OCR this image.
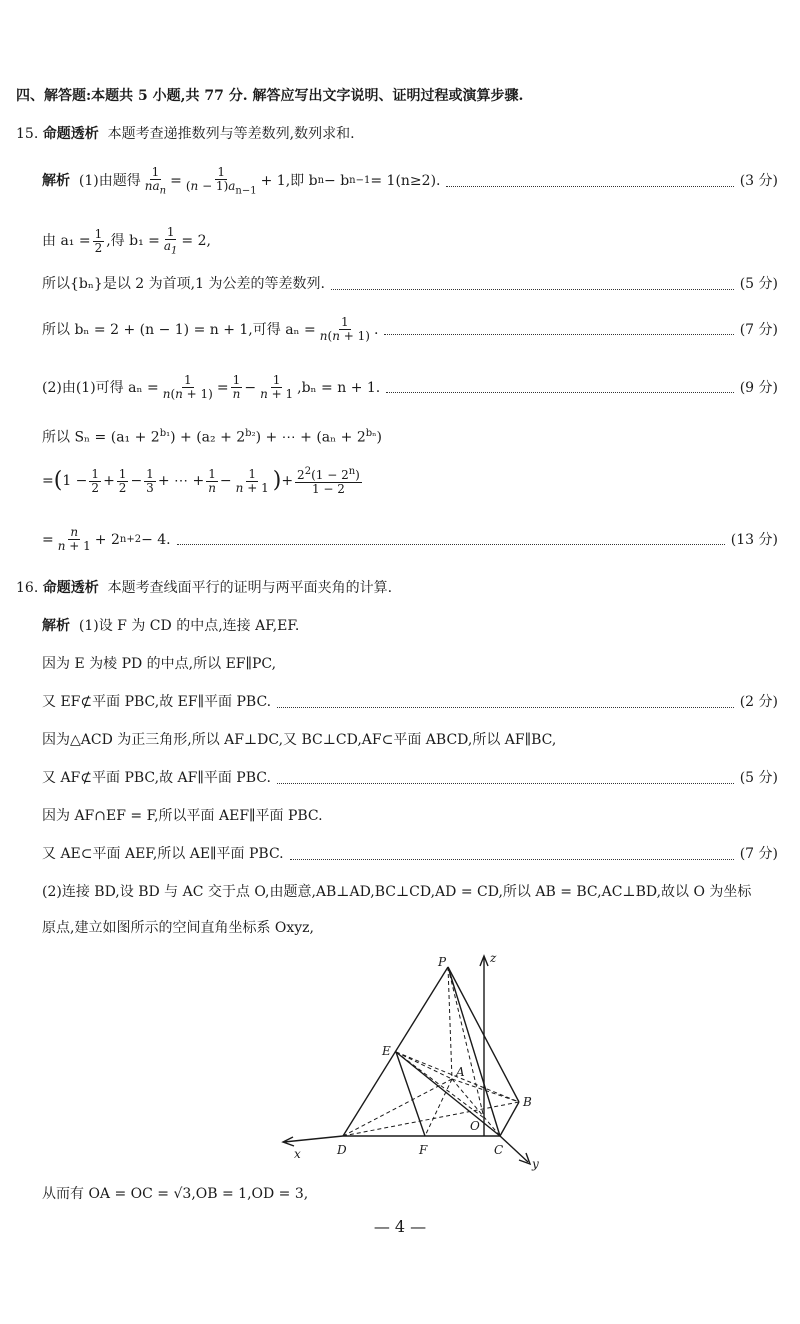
四、解答题:本题共 5 小题,共 77 分. 解答应写出文字说明、证明过程或演算步骤.
15. 命题透析 本题考查递推数列与等差数列,数列求和.
解析
(1)由题得 $\frac{1}{na_n} = \frac{1}{(n - 1)a_{n-1}} + 1$ ,即 b n − b n−1 = 1(n≥2).	(3 分)
由 $a_1 = \frac{1}{2}$ ,得 $b_1 = \frac{1}{a_1} = 2$,
所以{bₙ}是以 2 为首项,1 为公差的等差数列.	(5 分)
所以 bₙ = 2 + (n − 1) = n + 1,可得 $a_n = \frac{1}{n(n + 1)}$ .	(7 分)
(2)由(1)可得 $a_n = \frac{1}{n(n + 1)} = \frac{1}{n} - \frac{1}{n + 1} ,b_n = n + 1$.	(9 分)
所以 $S_n = (a_1 + 2^{b_1}) + (a_2 + 2^{b_2})$ + ⋯ + $(a_n + 2^{b_n})$
= ( $1 - \frac{1}{2} + \frac{1}{2} - \frac{1}{3}$ + ⋯ + $\frac{1}{n} - \frac{1}{n + 1}$ ) + $\frac{2^2(1 - 2^n)}{1 - 2}$
= $\frac{n}{n + 1} + 2$ n+2 − 4.	(13 分)
16. 命题透析 本题考查线面平行的证明与两平面夹角的计算.
解析 (1)设 F 为 CD 的中点,连接 AF,EF.
因为 E 为棱 PD 的中点,所以 EF∥PC,
又 EF⊄平面 PBC,故 EF∥平面 PBC.	(2 分)
因为△ACD 为正三角形,所以 AF⊥DC,又 BC⊥CD,AF⊂平面 ABCD,所以 AF∥BC,
又 AF⊄平面 PBC,故 AF∥平面 PBC.	(5 分)
因为 AF∩EF = F,所以平面 AEF∥平面 PBC.
又 AE⊂平面 AEF,所以 AE∥平面 PBC.	(7 分)
(2)连接 BD,设 BD 与 AC 交于点 O,由题意,AB⊥AD,BC⊥CD,AD = CD,所以 AB = BC,AC⊥BD,故以 O 为坐标
原点,建立如图所示的空间直角坐标系 Oxyz,
P	z
E
A
B
O
x	D	F	C
y
从而有 OA = OC = √3,OB = 1,OD = 3,
— 4 —
